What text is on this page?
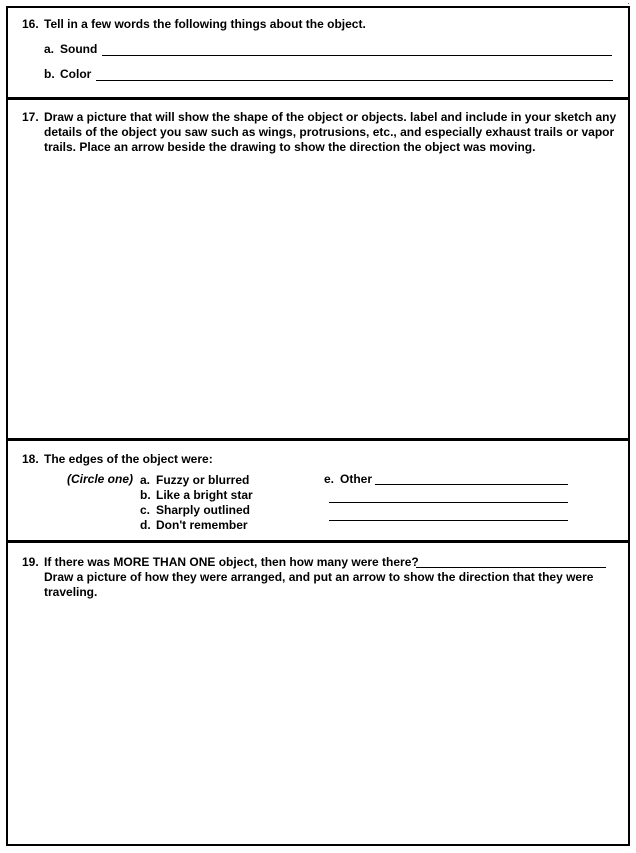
16. Tell in a few words the following things about the object.
a. Sound
b. Color
17. Draw a picture that will show the shape of the object or objects. label and include in your sketch any details of the object you saw such as wings, protrusions, etc., and especially exhaust trails or vapor trails. Place an arrow beside the drawing to show the direction the object was moving.
18. The edges of the object were:
(Circle one) a. Fuzzy or blurred
b. Like a bright star
c. Sharply outlined
d. Don't remember
e. Other
19. If there was MORE THAN ONE object, then how many were there?
Draw a picture of how they were arranged, and put an arrow to show the direction that they were traveling.
